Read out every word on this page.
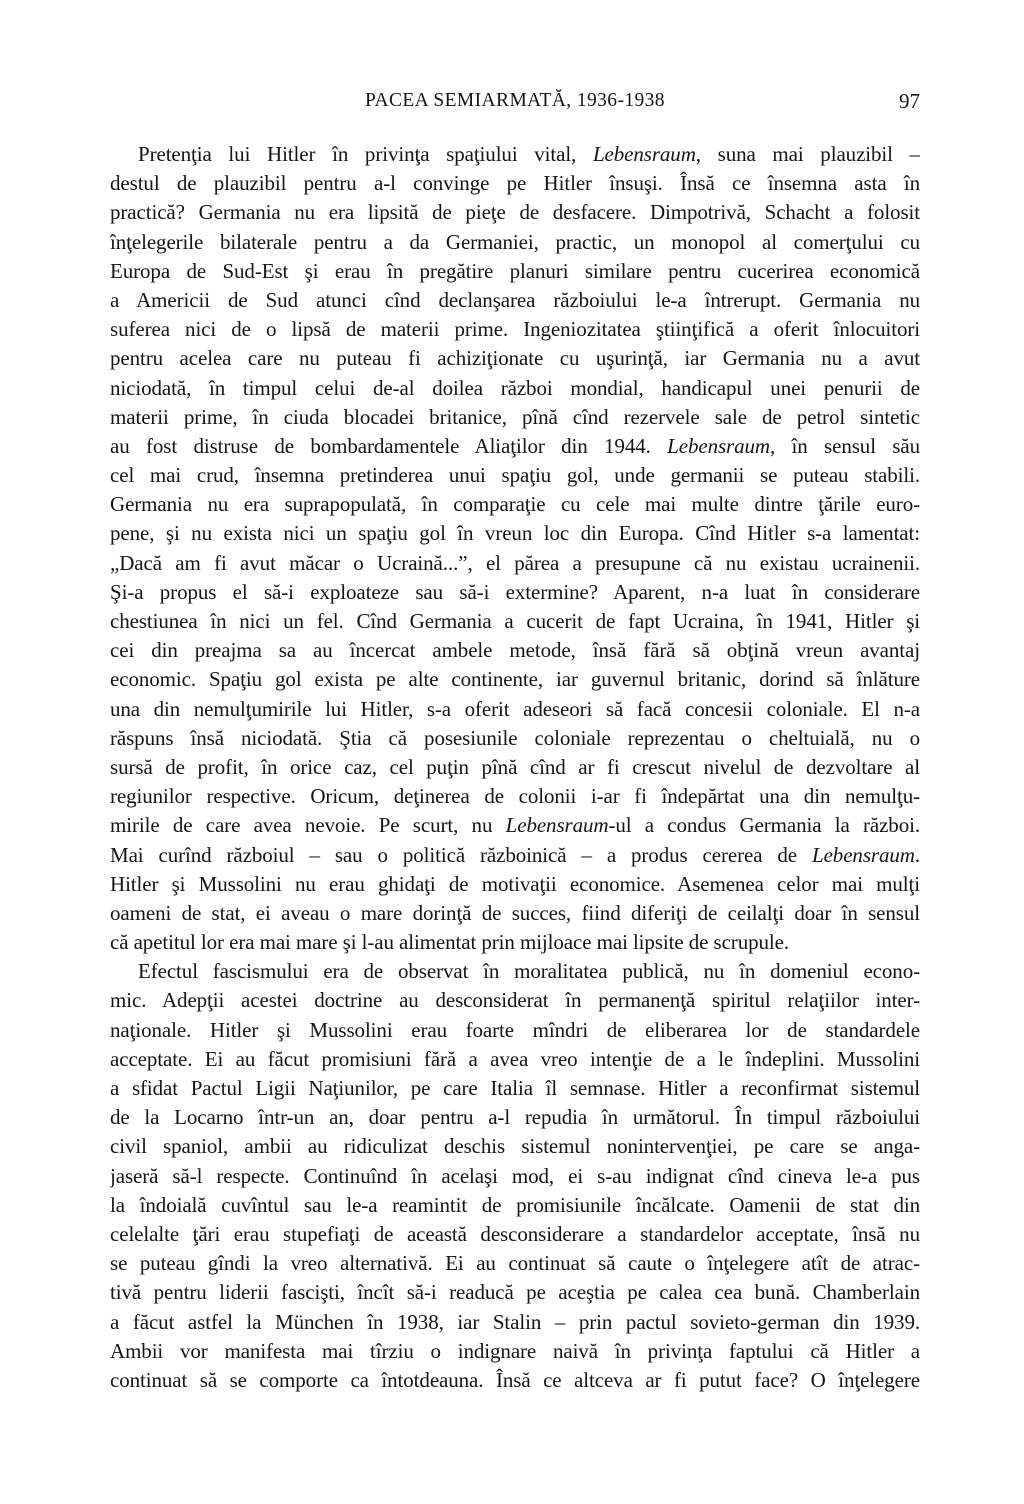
PACEA SEMIARMATĂ, 1936-1938	97
Pretenţia lui Hitler în privinţa spaţiului vital, Lebensraum, suna mai plauzibil –
destul de plauzibil pentru a-l convinge pe Hitler însuşi. Însă ce însemna asta în
practică? Germania nu era lipsită de pieţe de desfacere. Dimpotrivă, Schacht a folosit
înţelegerile bilaterale pentru a da Germaniei, practic, un monopol al comerţului cu
Europa de Sud-Est şi erau în pregătire planuri similare pentru cucerirea economică
a Americii de Sud atunci cînd declanşarea războiului le-a întrerupt. Germania nu
suferea nici de o lipsă de materii prime. Ingeniozitatea ştiinţifică a oferit înlocuitori
pentru acelea care nu puteau fi achiziţionate cu uşurinţă, iar Germania nu a avut
niciodată, în timpul celui de-al doilea război mondial, handicapul unei penurii de
materii prime, în ciuda blocadei britanice, pînă cînd rezervele sale de petrol sintetic
au fost distruse de bombardamentele Aliaţilor din 1944. Lebensraum, în sensul său
cel mai crud, însemna pretinderea unui spaţiu gol, unde germanii se puteau stabili.
Germania nu era suprapopulată, în comparaţie cu cele mai multe dintre ţările euro-
pene, şi nu exista nici un spaţiu gol în vreun loc din Europa. Cînd Hitler s-a lamentat:
„Dacă am fi avut măcar o Ucraină...”, el părea a presupune că nu existau ucrainenii.
Şi-a propus el să-i exploateze sau să-i extermine? Aparent, n-a luat în considerare
chestiunea în nici un fel. Cînd Germania a cucerit de fapt Ucraina, în 1941, Hitler şi
cei din preajma sa au încercat ambele metode, însă fără să obţină vreun avantaj
economic. Spaţiu gol exista pe alte continente, iar guvernul britanic, dorind să înlăture
una din nemulţumirile lui Hitler, s-a oferit adeseori să facă concesii coloniale. El n-a
răspuns însă niciodată. Ştia că posesiunile coloniale reprezentau o cheltuială, nu o
sursă de profit, în orice caz, cel puţin pînă cînd ar fi crescut nivelul de dezvoltare al
regiunilor respective. Oricum, deţinerea de colonii i-ar fi îndepărtat una din nemulţu-
mirile de care avea nevoie. Pe scurt, nu Lebensraum-ul a condus Germania la război.
Mai curînd războiul – sau o politică războinică – a produs cererea de Lebensraum.
Hitler şi Mussolini nu erau ghidaţi de motivaţii economice. Asemenea celor mai mulţi
oameni de stat, ei aveau o mare dorinţă de succes, fiind diferiţi de ceilalţi doar în sensul
că apetitul lor era mai mare şi l-au alimentat prin mijloace mai lipsite de scrupule.
Efectul fascismului era de observat în moralitatea publică, nu în domeniul econo-
mic. Adepţii acestei doctrine au desconsiderat în permanenţă spiritul relaţiilor inter-
naţionale. Hitler şi Mussolini erau foarte mîndri de eliberarea lor de standardele
acceptate. Ei au făcut promisiuni fără a avea vreo intenţie de a le îndeplini. Mussolini
a sfidat Pactul Ligii Naţiunilor, pe care Italia îl semnase. Hitler a reconfirmat sistemul
de la Locarno într-un an, doar pentru a-l repudia în următorul. În timpul războiului
civil spaniol, ambii au ridiculizat deschis sistemul nonintervenţiei, pe care se anga-
jaseră să-l respecte. Continuînd în acelaşi mod, ei s-au indignat cînd cineva le-a pus
la îndoială cuvîntul sau le-a reamintit de promisiunile încălcate. Oamenii de stat din
celelalte ţări erau stupefiaţi de această desconsiderare a standardelor acceptate, însă nu
se puteau gîndi la vreo alternativă. Ei au continuat să caute o înţelegere atît de atrac-
tivă pentru liderii fascişti, încît să-i readucă pe aceştia pe calea cea bună. Chamberlain
a făcut astfel la München în 1938, iar Stalin – prin pactul sovieto-german din 1939.
Ambii vor manifesta mai tîrziu o indignare naivă în privinţa faptului că Hitler a
continuat să se comporte ca întotdeauna. Însă ce altceva ar fi putut face? O înţelegere
